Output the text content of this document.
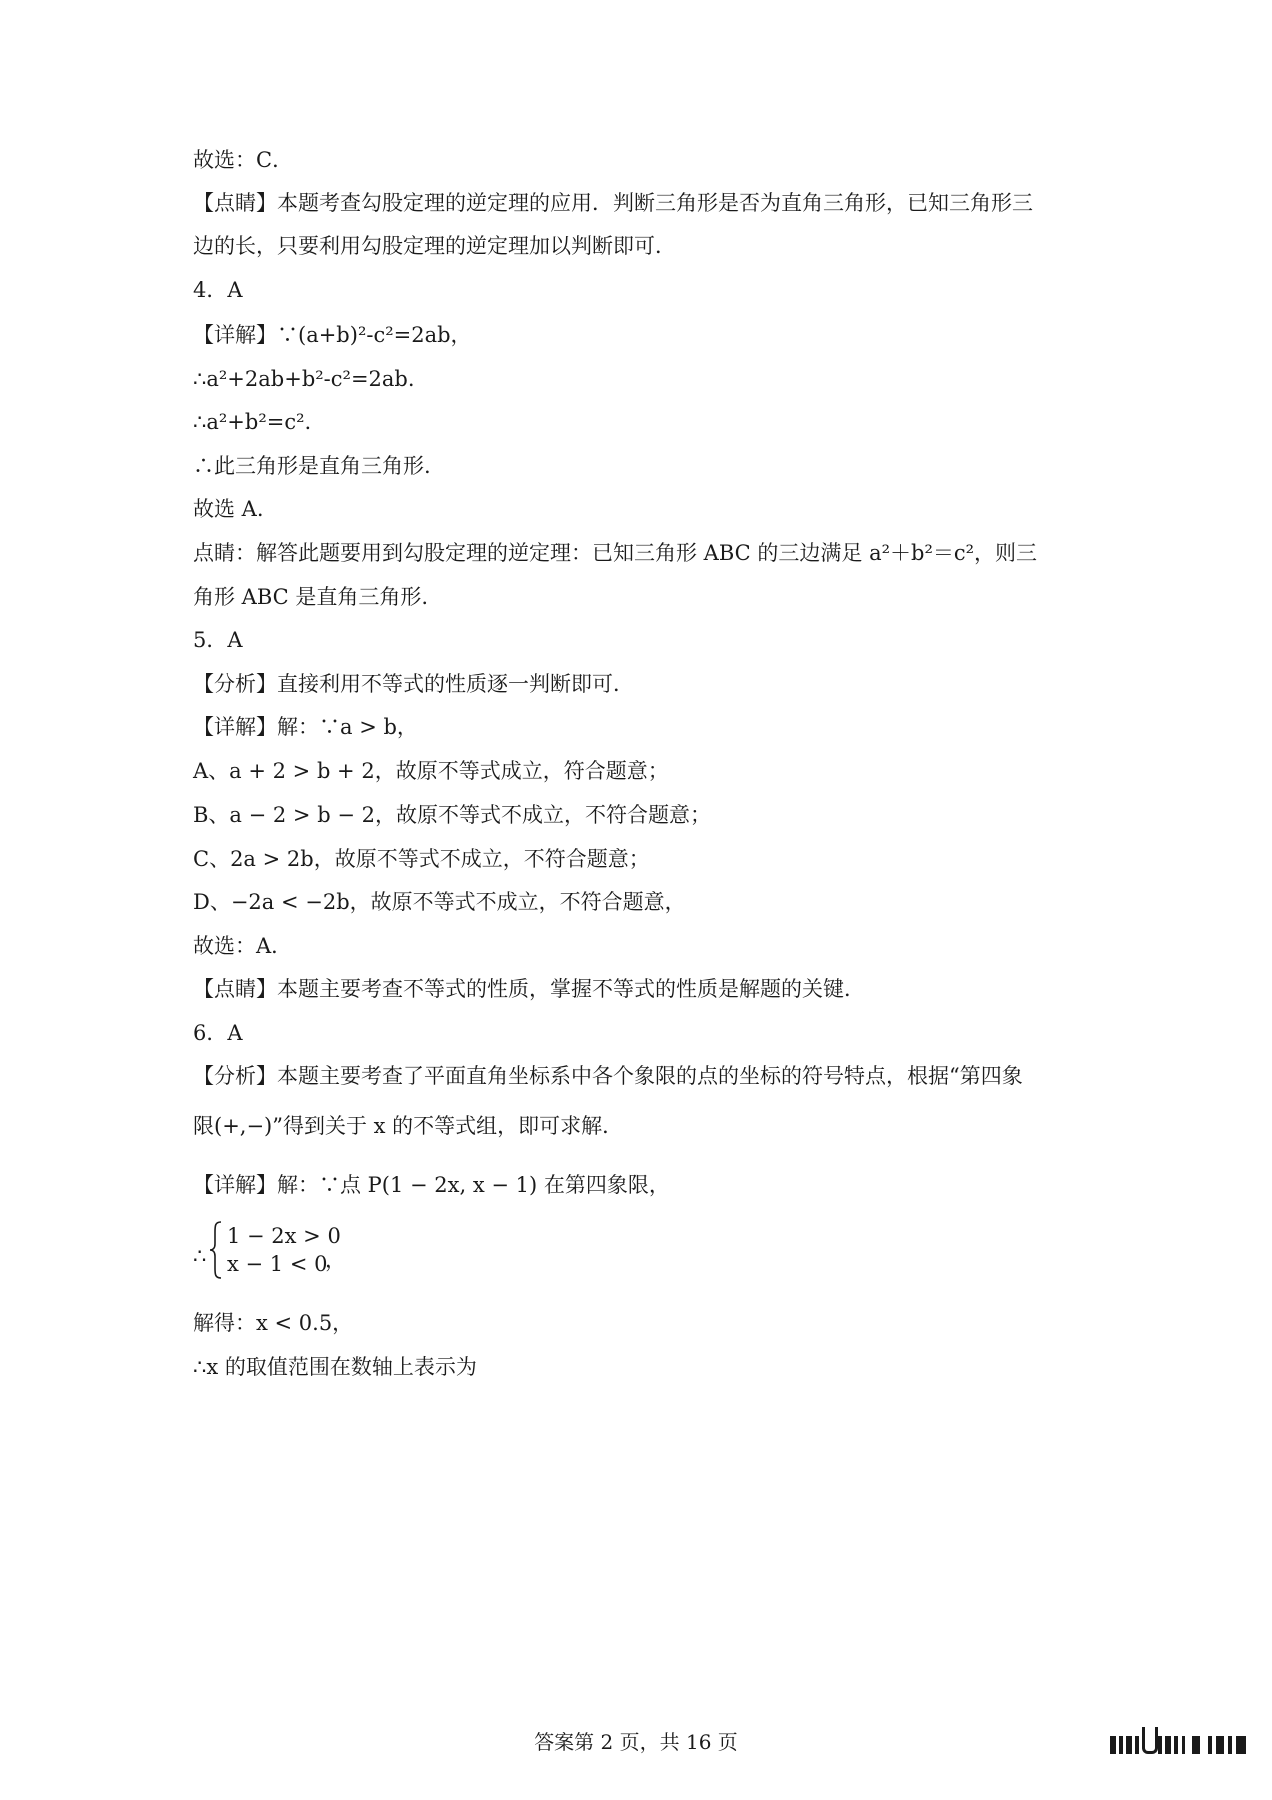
故选：C．
【点睛】本题考查勾股定理的逆定理的应用．判断三角形是否为直角三角形，已知三角形三
边的长，只要利用勾股定理的逆定理加以判断即可．
4．A
【详解】∵(a+b)²-c²=2ab，
∴a²+2ab+b²-c²=2ab.
∴a²+b²=c².
∴此三角形是直角三角形.
故选 A.
点睛：解答此题要用到勾股定理的逆定理：已知三角形 ABC 的三边满足 a²＋b²＝c²，则三
角形 ABC 是直角三角形.
5．A
【分析】直接利用不等式的性质逐一判断即可．
【详解】解：∵a > b，
A、a + 2 > b + 2，故原不等式成立，符合题意；
B、a − 2 > b − 2，故原不等式不成立，不符合题意；
C、2a > 2b，故原不等式不成立，不符合题意；
D、−2a < −2b，故原不等式不成立，不符合题意，
故选：A．
【点睛】本题主要考查不等式的性质，掌握不等式的性质是解题的关键．
6．A
【分析】本题主要考查了平面直角坐标系中各个象限的点的坐标的符号特点，根据“第四象
限(+,−)”得到关于 x 的不等式组，即可求解．
【详解】解：∵点 P(1 − 2x, x − 1) 在第四象限，
∴
1 − 2x > 0
x − 1 < 0
，
解得：x < 0.5，
∴x 的取值范围在数轴上表示为
答案第 2 页，共 16 页
